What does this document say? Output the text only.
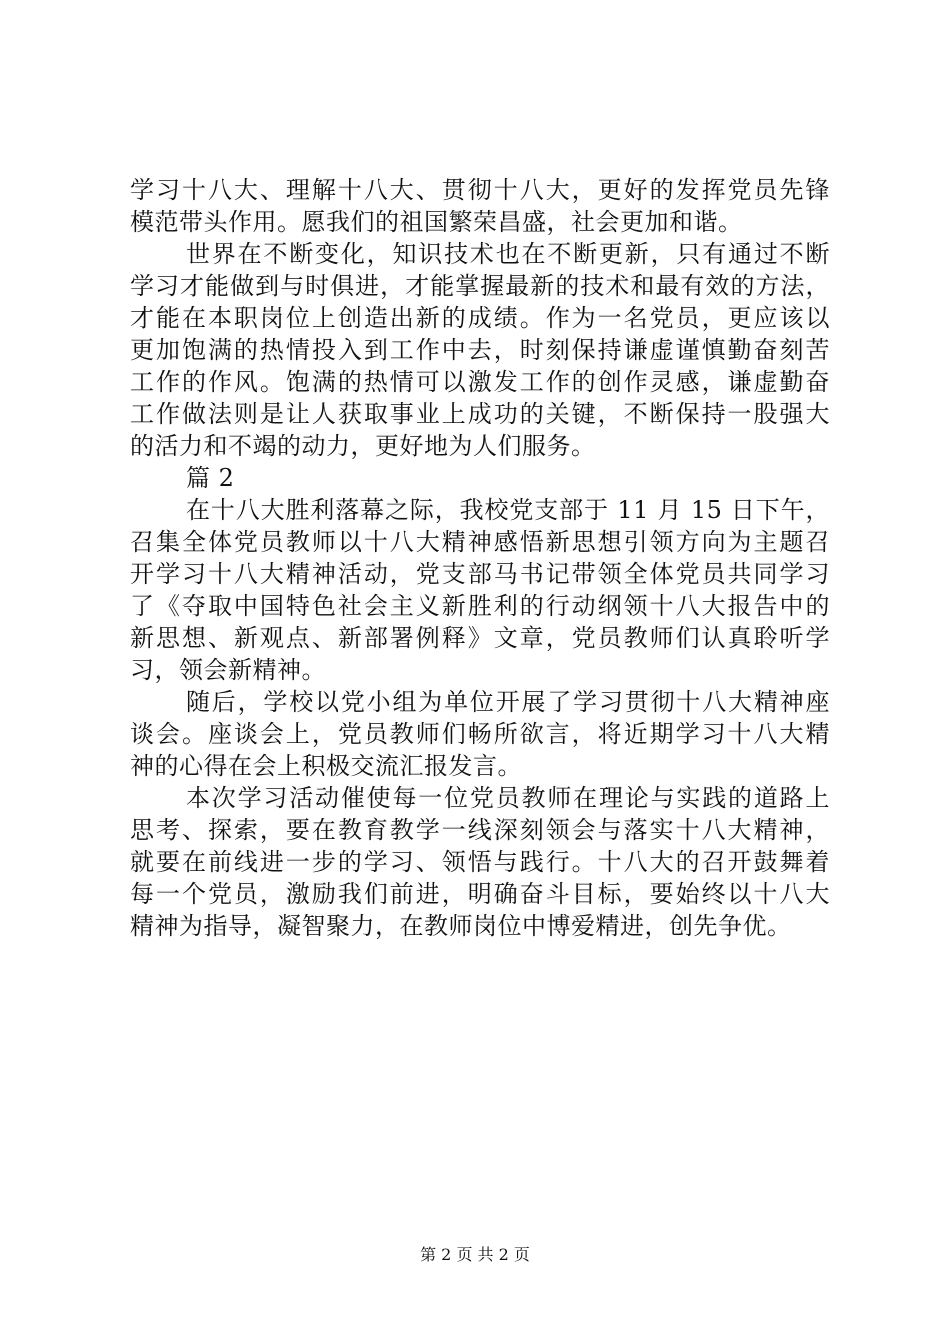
学习十八大、理解十八大、贯彻十八大，更好的发挥党员先锋
模范带头作用。愿我们的祖国繁荣昌盛，社会更加和谐。
世界在不断变化，知识技术也在不断更新，只有通过不断
学习才能做到与时俱进，才能掌握最新的技术和最有效的方法，
才能在本职岗位上创造出新的成绩。作为一名党员，更应该以
更加饱满的热情投入到工作中去，时刻保持谦虚谨慎勤奋刻苦
工作的作风。饱满的热情可以激发工作的创作灵感，谦虚勤奋
工作做法则是让人获取事业上成功的关键，不断保持一股强大
的活力和不竭的动力，更好地为人们服务。
篇 2
在十八大胜利落幕之际，我校党支部于 11 月 15 日下午，
召集全体党员教师以十八大精神感悟新思想引领方向为主题召
开学习十八大精神活动，党支部马书记带领全体党员共同学习
了《夺取中国特色社会主义新胜利的行动纲领十八大报告中的
新思想、新观点、新部署例释》文章，党员教师们认真聆听学
习，领会新精神。
随后，学校以党小组为单位开展了学习贯彻十八大精神座
谈会。座谈会上，党员教师们畅所欲言，将近期学习十八大精
神的心得在会上积极交流汇报发言。
本次学习活动催使每一位党员教师在理论与实践的道路上
思考、探索，要在教育教学一线深刻领会与落实十八大精神，
就要在前线进一步的学习、领悟与践行。十八大的召开鼓舞着
每一个党员，激励我们前进，明确奋斗目标，要始终以十八大
精神为指导，凝智聚力，在教师岗位中博爱精进，创先争优。
第 2 页 共 2 页
